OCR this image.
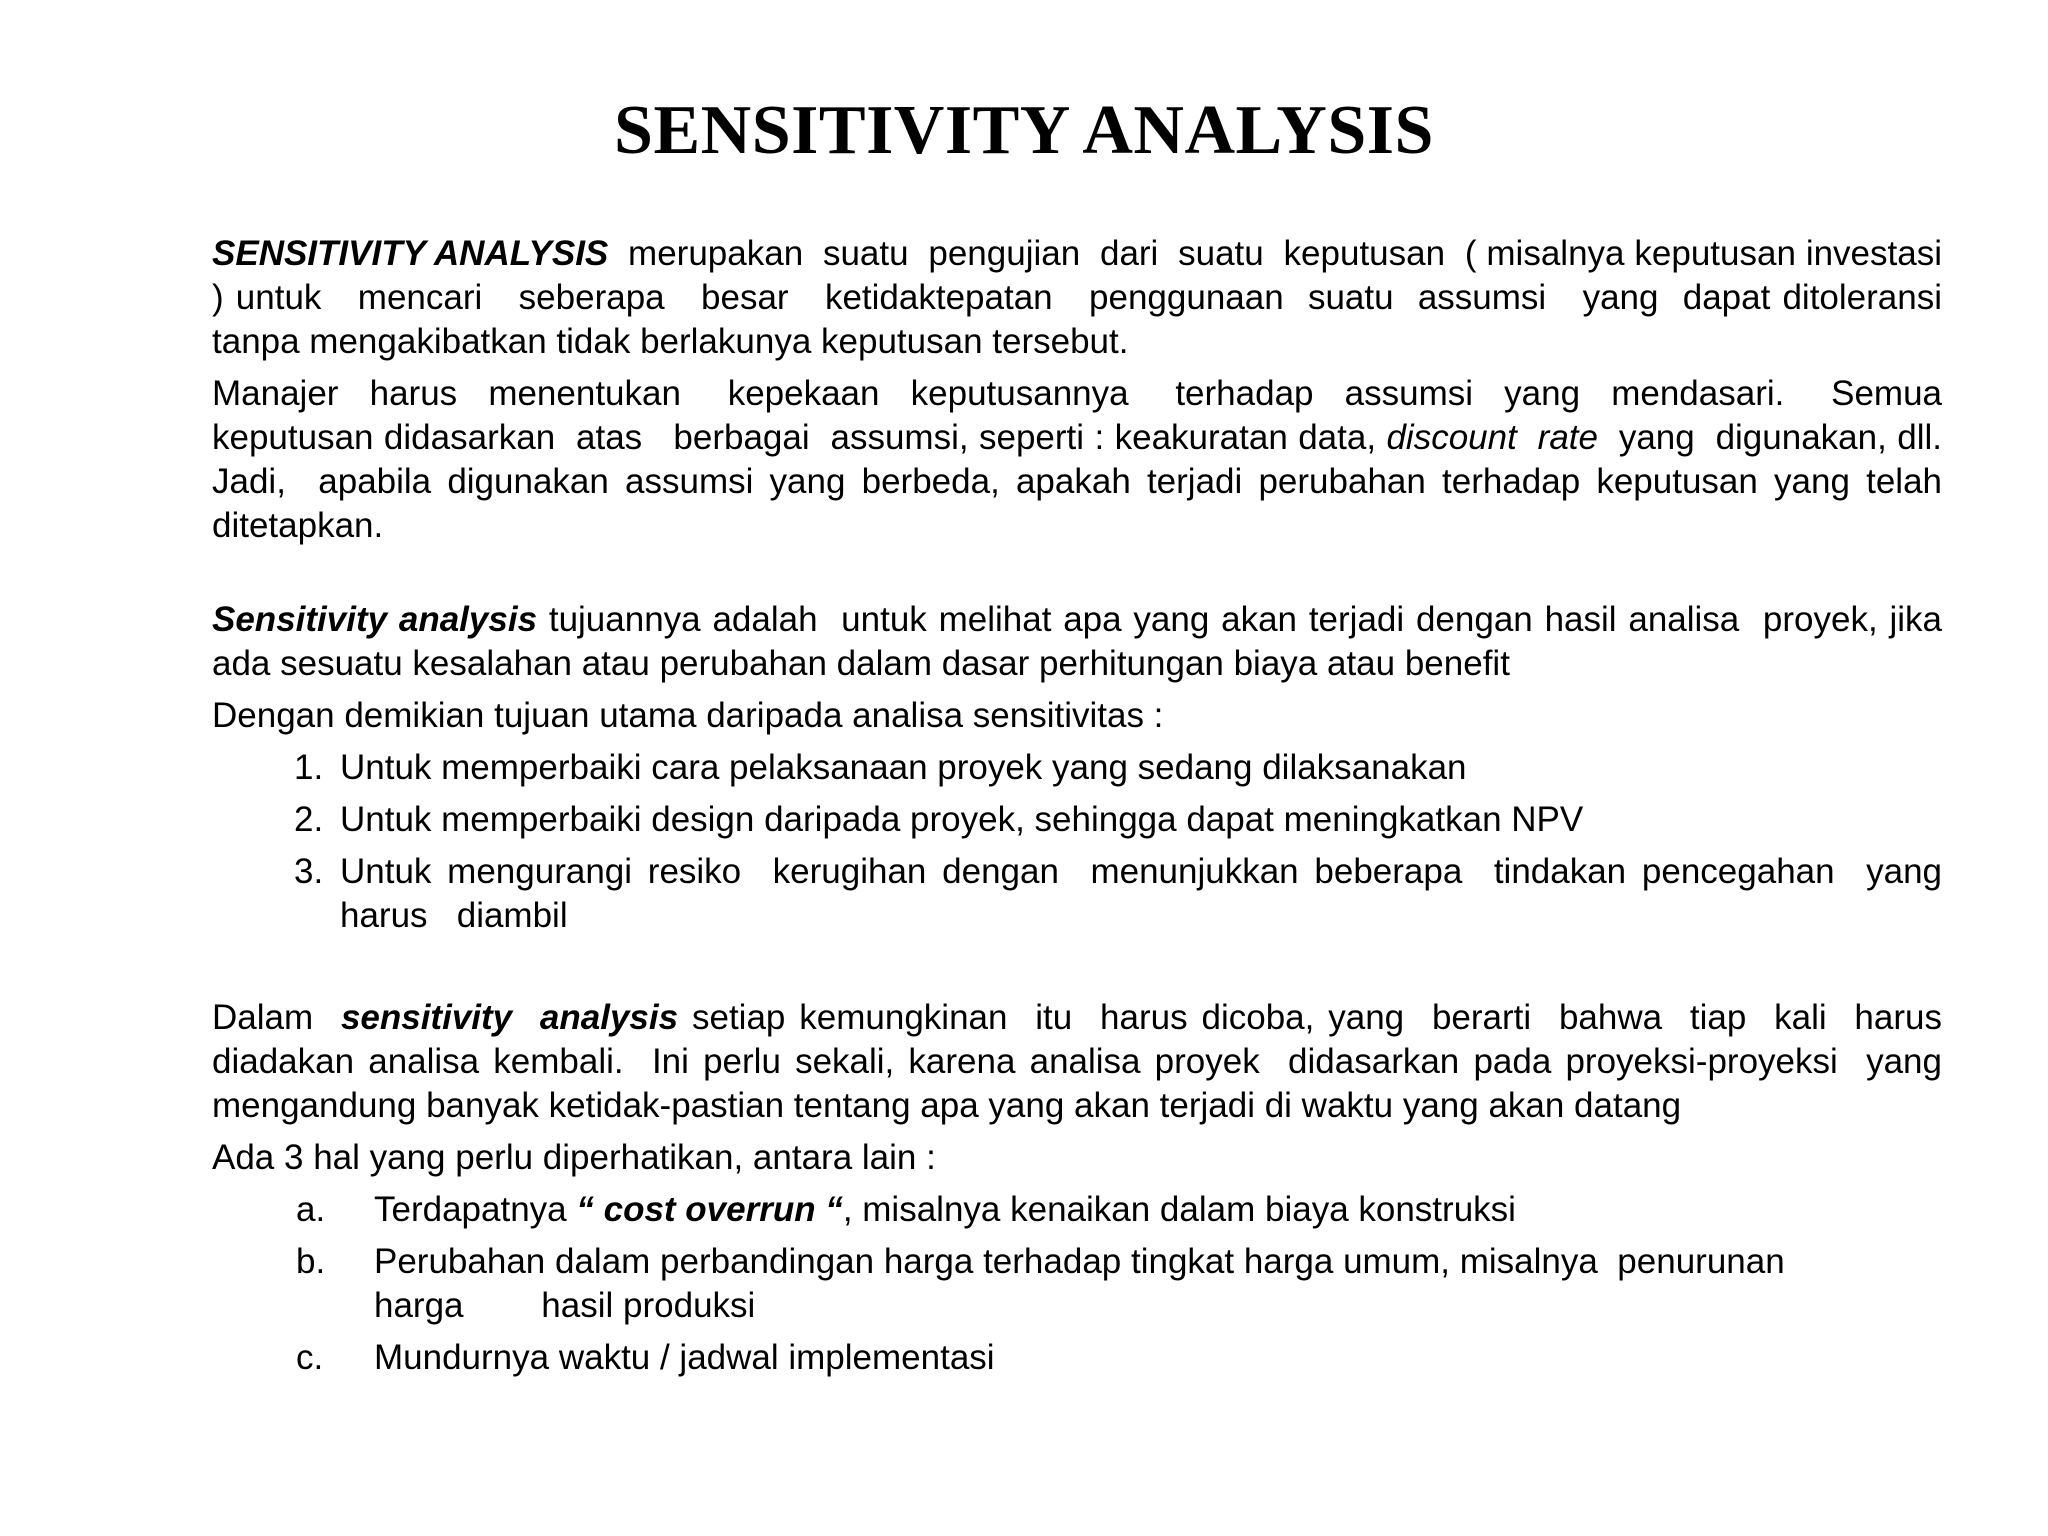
SENSITIVITY ANALYSIS

SENSITIVITY ANALYSIS  merupakan  suatu  pengujian  dari  suatu  keputusan  ( misalnya keputusan investasi ) untuk   mencari   seberapa   besar   ketidaktepatan   penggunaan  suatu  assumsi   yang  dapat ditoleransi   tanpa mengakibatkan tidak berlakunya keputusan tersebut.

Manajer  harus  menentukan   kepekaan  keputusannya   terhadap  assumsi  yang  mendasari.   Semua keputusan didasarkan  atas   berbagai  assumsi, seperti : keakuratan data, discount  rate  yang  digunakan, dll.   Jadi,  apabila digunakan assumsi yang berbeda, apakah terjadi perubahan terhadap keputusan yang telah ditetapkan.

Sensitivity analysis tujuannya adalah  untuk melihat apa yang akan terjadi dengan hasil analisa  proyek, jika ada sesuatu kesalahan atau perubahan dalam dasar perhitungan biaya atau benefit

Dengan demikian tujuan utama daripada analisa sensitivitas :

1. Untuk memperbaiki cara pelaksanaan proyek yang sedang dilaksanakan
2. Untuk memperbaiki design daripada proyek, sehingga dapat meningkatkan NPV
3. Untuk mengurangi resiko  kerugihan dengan  menunjukkan beberapa  tindakan pencegahan  yang harus   diambil

Dalam  sensitivity  analysis setiap kemungkinan  itu  harus dicoba, yang  berarti  bahwa  tiap  kali  harus diadakan analisa kembali.  Ini perlu sekali, karena analisa proyek  didasarkan pada proyeksi-proyeksi  yang mengandung banyak ketidak-pastian tentang apa yang akan terjadi di waktu yang akan datang

Ada 3 hal yang perlu diperhatikan, antara lain :

a. Terdapatnya “ cost overrun “, misalnya kenaikan dalam biaya konstruksi
b. Perubahan dalam perbandingan harga terhadap tingkat harga umum, misalnya  penurunan
harga        hasil produksi
c. Mundurnya waktu / jadwal implementasi
